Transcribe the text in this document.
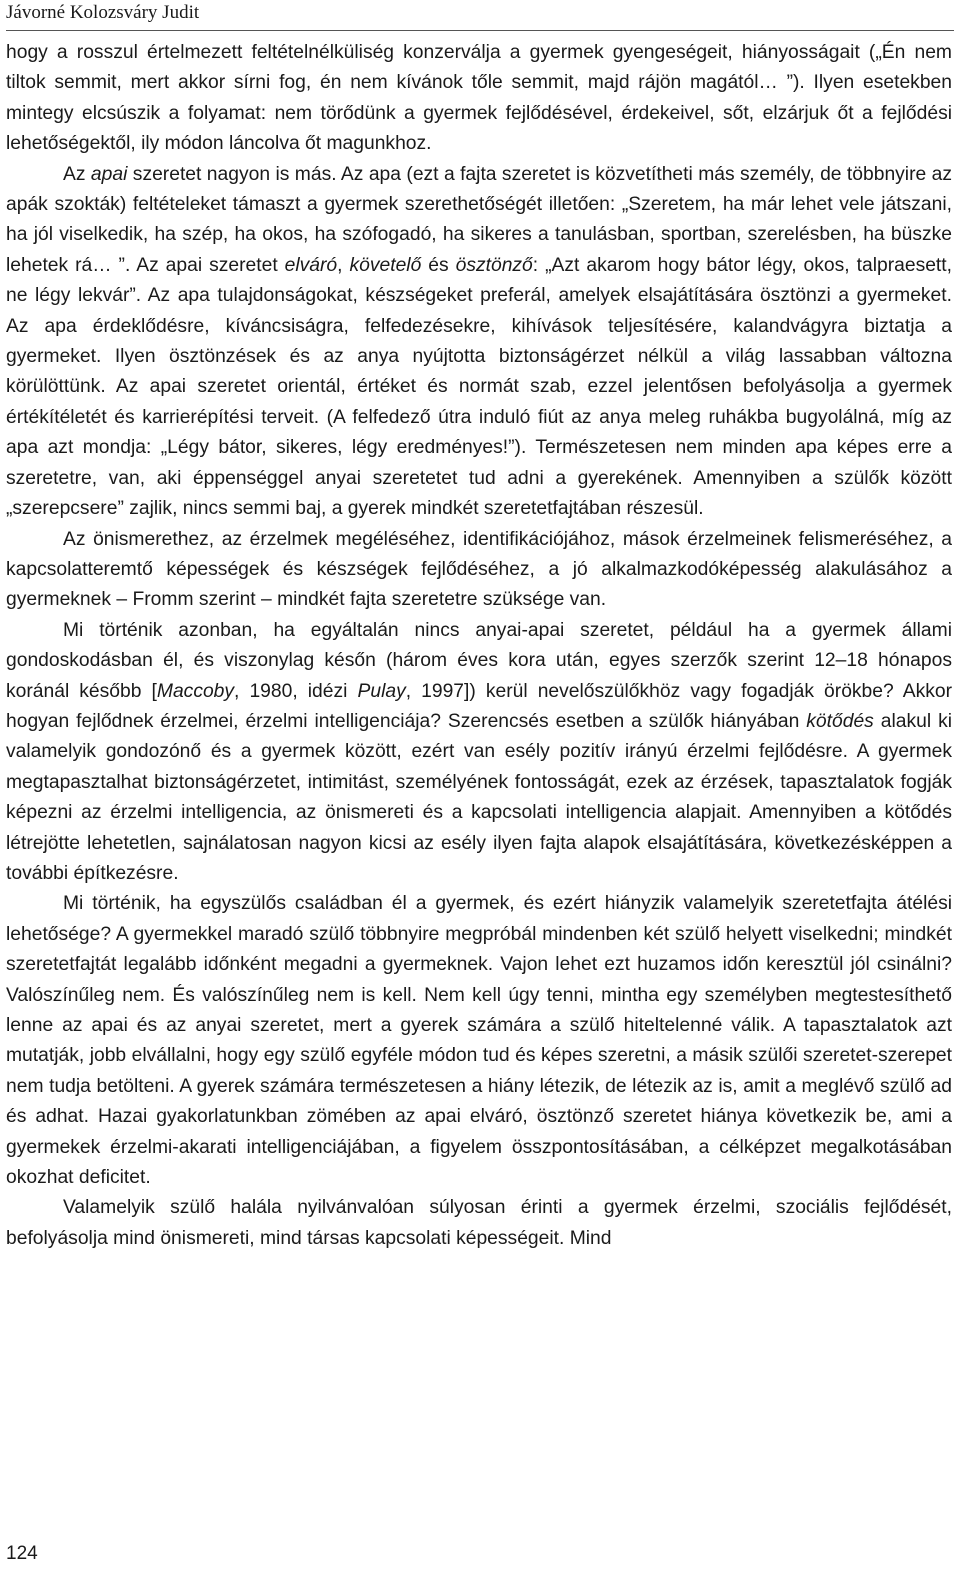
Jávorné Kolozsváry Judit

hogy a rosszul értelmezett feltételnélküliség konzerválja a gyermek gyengeségeit, hiányosságait („Én nem tiltok semmit, mert akkor sírni fog, én nem kívánok tőle semmit, majd rájön magától… ”). Ilyen esetekben mintegy elcsúszik a folyamat: nem törődünk a gyermek fejlődésével, érdekeivel, sőt, elzárjuk őt a fejlődési lehetőségektől, ily módon láncolva őt magunkhoz.

Az apai szeretet nagyon is más. Az apa (ezt a fajta szeretet is közvetítheti más személy, de többnyire az apák szokták) feltételeket támaszt a gyermek szerethetőségét illetően: „Szeretem, ha már lehet vele játszani, ha jól viselkedik, ha szép, ha okos, ha szófogadó, ha sikeres a tanulásban, sportban, szerelésben, ha büszke lehetek rá… ”. Az apai szeretet elváró, követelő és ösztönző: „Azt akarom hogy bátor légy, okos, talpraesett, ne légy lekvár”. Az apa tulajdonságokat, készségeket preferál, amelyek elsajátítására ösztönzi a gyermeket. Az apa érdeklődésre, kíváncsiságra, felfedezésekre, kihívások teljesítésére, kalandvágyra biztatja a gyermeket. Ilyen ösztönzések és az anya nyújtotta biztonságérzet nélkül a világ lassabban változna körülöttünk. Az apai szeretet orientál, értéket és normát szab, ezzel jelentősen befolyásolja a gyermek értékítéletét és karrierépítési terveit. (A felfedező útra induló fiút az anya meleg ruhákba bugyolálná, míg az apa azt mondja: „Légy bátor, sikeres, légy eredményes!”). Természetesen nem minden apa képes erre a szeretetre, van, aki éppenséggel anyai szeretetet tud adni a gyerekének. Amennyiben a szülők között „szerepcsere” zajlik, nincs semmi baj, a gyerek mindkét szeretetfajtában részesül.

Az önismerethez, az érzelmek megéléséhez, identifikációjához, mások érzelmeinek felismeréséhez, a kapcsolatteremtő képességek és készségek fejlődéséhez, a jó alkalmazkodóképesség alakulásához a gyermeknek – Fromm szerint – mindkét fajta szeretetre szüksége van.

Mi történik azonban, ha egyáltalán nincs anyai-apai szeretet, például ha a gyermek állami gondoskodásban él, és viszonylag későn (három éves kora után, egyes szerzők szerint 12–18 hónapos koránál később [Maccoby, 1980, idézi Pulay, 1997]) kerül nevelőszülőkhöz vagy fogadják örökbe? Akkor hogyan fejlődnek érzelmei, érzelmi intelligenciája? Szerencsés esetben a szülők hiányában kötődés alakul ki valamelyik gondozónő és a gyermek között, ezért van esély pozitív irányú érzelmi fejlődésre. A gyermek megtapasztalhat biztonságérzetet, intimitást, személyének fontosságát, ezek az érzések, tapasztalatok fogják képezni az érzelmi intelligencia, az önismereti és a kapcsolati intelligencia alapjait. Amennyiben a kötődés létrejötte lehetetlen, sajnálatosan nagyon kicsi az esély ilyen fajta alapok elsajátítására, következésképpen a további építkezésre.

Mi történik, ha egyszülős családban él a gyermek, és ezért hiányzik valamelyik szeretetfajta átélési lehetősége? A gyermekkel maradó szülő többnyire megpróbál mindenben két szülő helyett viselkedni; mindkét szeretetfajtát legalább időnként megadni a gyermeknek. Vajon lehet ezt huzamos időn keresztül jól csinálni? Valószínűleg nem. És valószínűleg nem is kell. Nem kell úgy tenni, mintha egy személyben megtestesíthető lenne az apai és az anyai szeretet, mert a gyerek számára a szülő hiteltelenné válik. A tapasztalatok azt mutatják, jobb elvállalni, hogy egy szülő egyféle módon tud és képes szeretni, a másik szülői szeretet-szerepet nem tudja betölteni. A gyerek számára természetesen a hiány létezik, de létezik az is, amit a meglévő szülő ad és adhat. Hazai gyakorlatunkban zömében az apai elváró, ösztönző szeretet hiánya következik be, ami a gyermekek érzelmi-akarati intelligenciájában, a figyelem összpontosításában, a célképzet megalkotásában okozhat deficitet.

Valamelyik szülő halála nyilvánvalóan súlyosan érinti a gyermek érzelmi, szociális fejlődését, befolyásolja mind önismereti, mind társas kapcsolati képességeit. Mind

124
